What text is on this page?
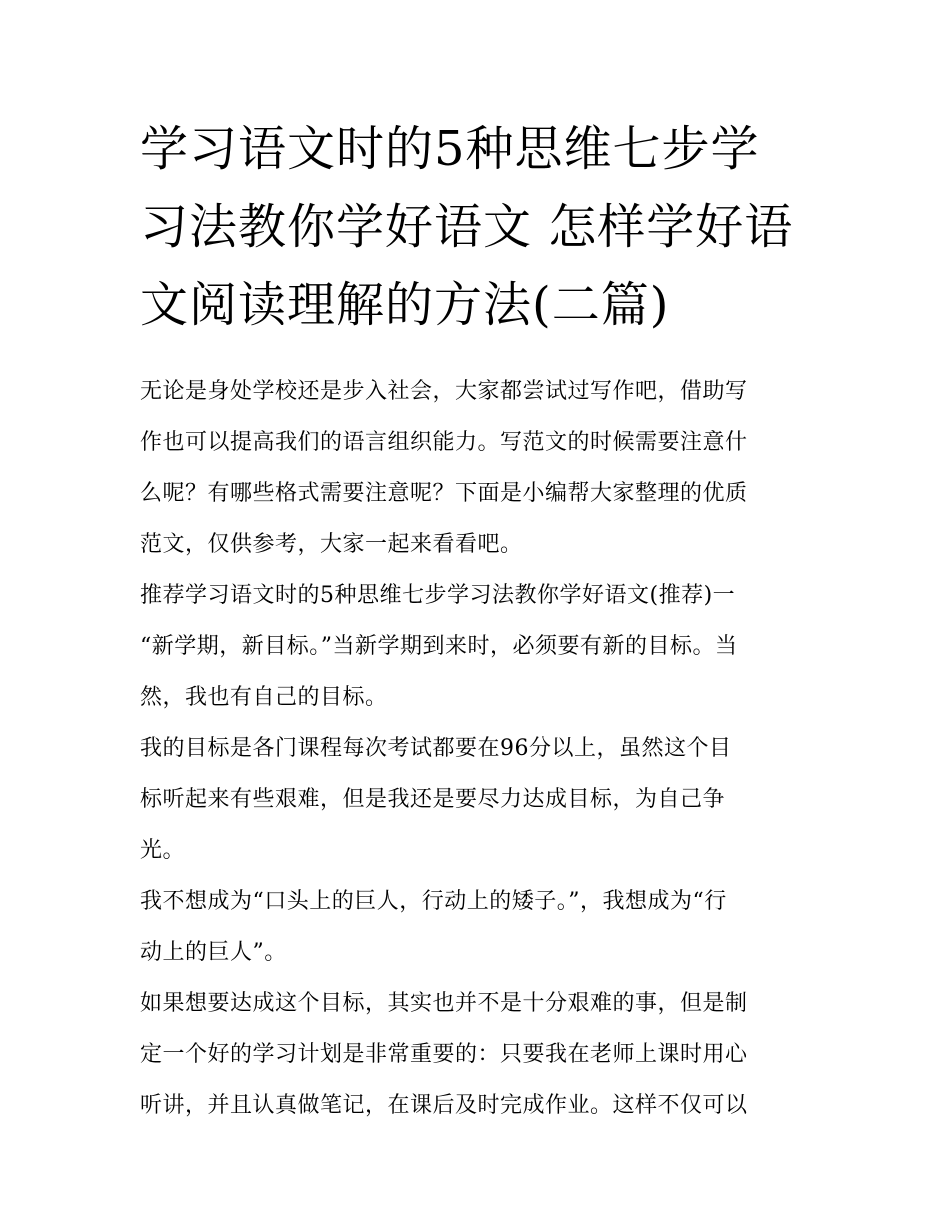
学习语文时的5种思维七步学
习法教你学好语文 怎样学好语
文阅读理解的方法(二篇)

无论是身处学校还是步入社会，大家都尝试过写作吧，借助写
作也可以提高我们的语言组织能力。写范文的时候需要注意什
么呢？有哪些格式需要注意呢？下面是小编帮大家整理的优质
范文，仅供参考，大家一起来看看吧。

推荐学习语文时的5种思维七步学习法教你学好语文(推荐)一
“新学期，新目标。”当新学期到来时，必须要有新的目标。当
然，我也有自己的目标。

我的目标是各门课程每次考试都要在96分以上，虽然这个目
标听起来有些艰难，但是我还是要尽力达成目标，为自己争
光。

我不想成为“口头上的巨人，行动上的矮子。”，我想成为“行
动上的巨人”。

如果想要达成这个目标，其实也并不是十分艰难的事，但是制
定一个好的学习计划是非常重要的：只要我在老师上课时用心
听讲，并且认真做笔记，在课后及时完成作业。这样不仅可以
